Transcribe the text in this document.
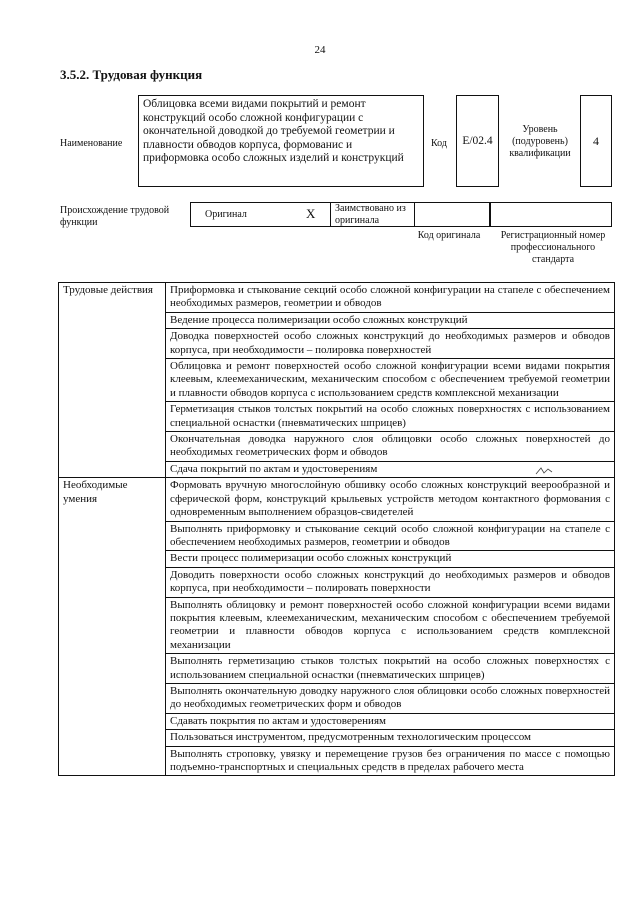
24
3.5.2. Трудовая функция
Наименование
Облицовка всеми видами покрытий и ремонт конструкций особо сложной конфигурации с окончательной доводкой до требуемой геометрии и плавности обводов корпуса, формованис и приформовка особо сложных изделий и конструкций
Код	E/02.4
Уровень (подуровень) квалификации
4
Происхождение трудовой функции
Оригинал	X Заимствовано из оригинала
Код оригинала	Регистрационный номер профессионального стандарта
Трудовые действия	Приформовка и стыкование секций особо сложной конфигурации на стапеле с обеспечением необходимых размеров, геометрии и обводов
	Ведение процесса полимеризации особо сложных конструкций
	Доводка поверхностей особо сложных конструкций до необходимых размеров и обводов корпуса, при необходимости – полировка поверхностей
	Облицовка и ремонт поверхностей особо сложной конфигурации всеми видами покрытия клеевым, клеемеханическим, механическим способом с обеспечением требуемой геометрии и плавности обводов корпуса с использованием средств комплексной механизации
	Герметизация стыков толстых покрытий на особо сложных поверхностях с использованием специальной оснастки (пневматических шприцев)
	Окончательная доводка наружного слоя облицовки особо сложных поверхностей до необходимых геометрических форм и обводов
	Сдача покрытий по актам и удостоверениям
Необходимые умения	Формовать вручную многослойную обшивку особо сложных конструкций веерообразной и сферической форм, конструкций крыльевых устройств методом контактного формования с одновременным выполнением образцов-свидетелей
	Выполнять приформовку и стыкование секций особо сложной конфигурации на стапеле с обеспечением необходимых размеров, геометрии и обводов
	Вести процесс полимеризации особо сложных конструкций
	Доводить поверхности особо сложных конструкций до необходимых размеров и обводов корпуса, при необходимости – полировать поверхности
	Выполнять облицовку и ремонт поверхностей особо сложной конфигурации всеми видами покрытия клеевым, клеемеханическим, механическим способом с обеспечением требуемой геометрии и плавности обводов корпуса с использованием средств комплексной механизации
	Выполнять герметизацию стыков толстых покрытий на особо сложных поверхностях с использованием специальной оснастки (пневматических шприцев)
	Выполнять окончательную доводку наружного слоя облицовки особо сложных поверхностей до необходимых геометрических форм и обводов
	Сдавать покрытия по актам и удостоверениям
	Пользоваться инструментом, предусмотренным технологическим процессом
	Выполнять строповку, увязку и перемещение грузов без ограничения по массе с помощью подъемно-транспортных и специальных средств в пределах рабочего места
